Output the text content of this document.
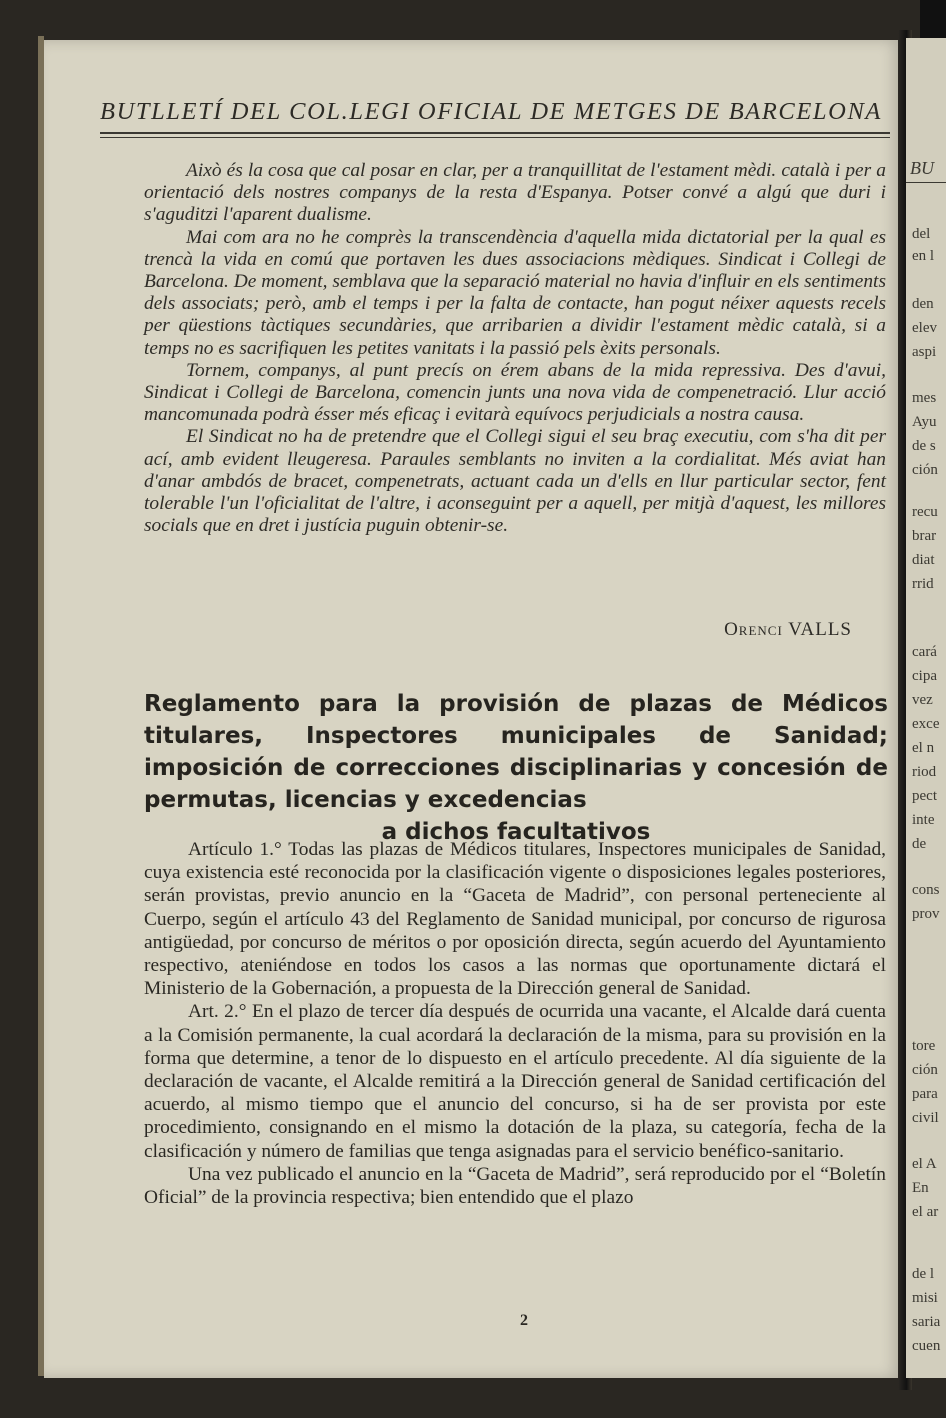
BU
del
en l
den
elev
aspi
mes
Ayu
de s
ción
recu
brar
diat
rrid
cará
cipa
vez
exce
el n
riod
pect
inte
de
cons
prov
tore
ción
para
civil
el A
En
el ar
de l
misi
saria
cuen
BUTLLETÍ DEL COL.LEGI OFICIAL DE METGES DE BARCELONA

Això és la cosa que cal posar en clar, per a tranquillitat de l'estament mèdi. català i per a orientació dels nostres companys de la resta d'Espanya. Potser convé a algú que duri i s'aguditzi l'aparent dualisme.

Mai com ara no he comprès la transcendència d'aquella mida dictatorial per la qual es trencà la vida en comú que portaven les dues associacions mèdiques. Sindicat i Collegi de Barcelona. De moment, semblava que la separació material no havia d'influir en els sentiments dels associats; però, amb el temps i per la falta de contacte, han pogut néixer aquests recels per qüestions tàctiques secundàries, que arribarien a dividir l'estament mèdic català, si a temps no es sacrifiquen les petites vanitats i la passió pels èxits personals.

Tornem, companys, al punt precís on érem abans de la mida repressiva. Des d'avui, Sindicat i Collegi de Barcelona, comencin junts una nova vida de compenetració. Llur acció mancomunada podrà ésser més eficaç i evitarà equívocs perjudicials a nostra causa.

El Sindicat no ha de pretendre que el Collegi sigui el seu braç executiu, com s'ha dit per ací, amb evident lleugeresa. Paraules semblants no inviten a la cordialitat. Més aviat han d'anar ambdós de bracet, compenetrats, actuant cada un d'ells en llur particular sector, fent tolerable l'un l'oficialitat de l'altre, i aconseguint per a aquell, per mitjà d'aquest, les millores socials que en dret i justícia puguin obtenir-se.

Orenci VALLS
Reglamento para la provisión de plazas de Médicos titulares, Inspectores municipales de Sanidad; imposición de correcciones disciplinarias y concesión de permutas, licencias y excedencias
a dichos facultativos

Artículo 1.° Todas las plazas de Médicos titulares, Inspectores municipales de Sanidad, cuya existencia esté reconocida por la clasificación vigente o disposiciones legales posteriores, serán provistas, previo anuncio en la “Gaceta de Madrid”, con personal perteneciente al Cuerpo, según el artículo 43 del Reglamento de Sanidad municipal, por concurso de rigurosa antigüedad, por concurso de méritos o por oposición directa, según acuerdo del Ayuntamiento respectivo, ateniéndose en todos los casos a las normas que oportunamente dictará el Ministerio de la Gobernación, a propuesta de la Dirección general de Sanidad.

Art. 2.° En el plazo de tercer día después de ocurrida una vacante, el Alcalde dará cuenta a la Comisión permanente, la cual acordará la declaración de la misma, para su provisión en la forma que determine, a tenor de lo dispuesto en el artículo precedente. Al día siguiente de la declaración de vacante, el Alcalde remitirá a la Dirección general de Sanidad certificación del acuerdo, al mismo tiempo que el anuncio del concurso, si ha de ser provista por este procedimiento, consignando en el mismo la dotación de la plaza, su categoría, fecha de la clasificación y número de familias que tenga asignadas para el servicio benéfico-sanitario.

Una vez publicado el anuncio en la “Gaceta de Madrid”, será reproducido por el “Boletín Oficial” de la provincia respectiva; bien entendido que el plazo

2
